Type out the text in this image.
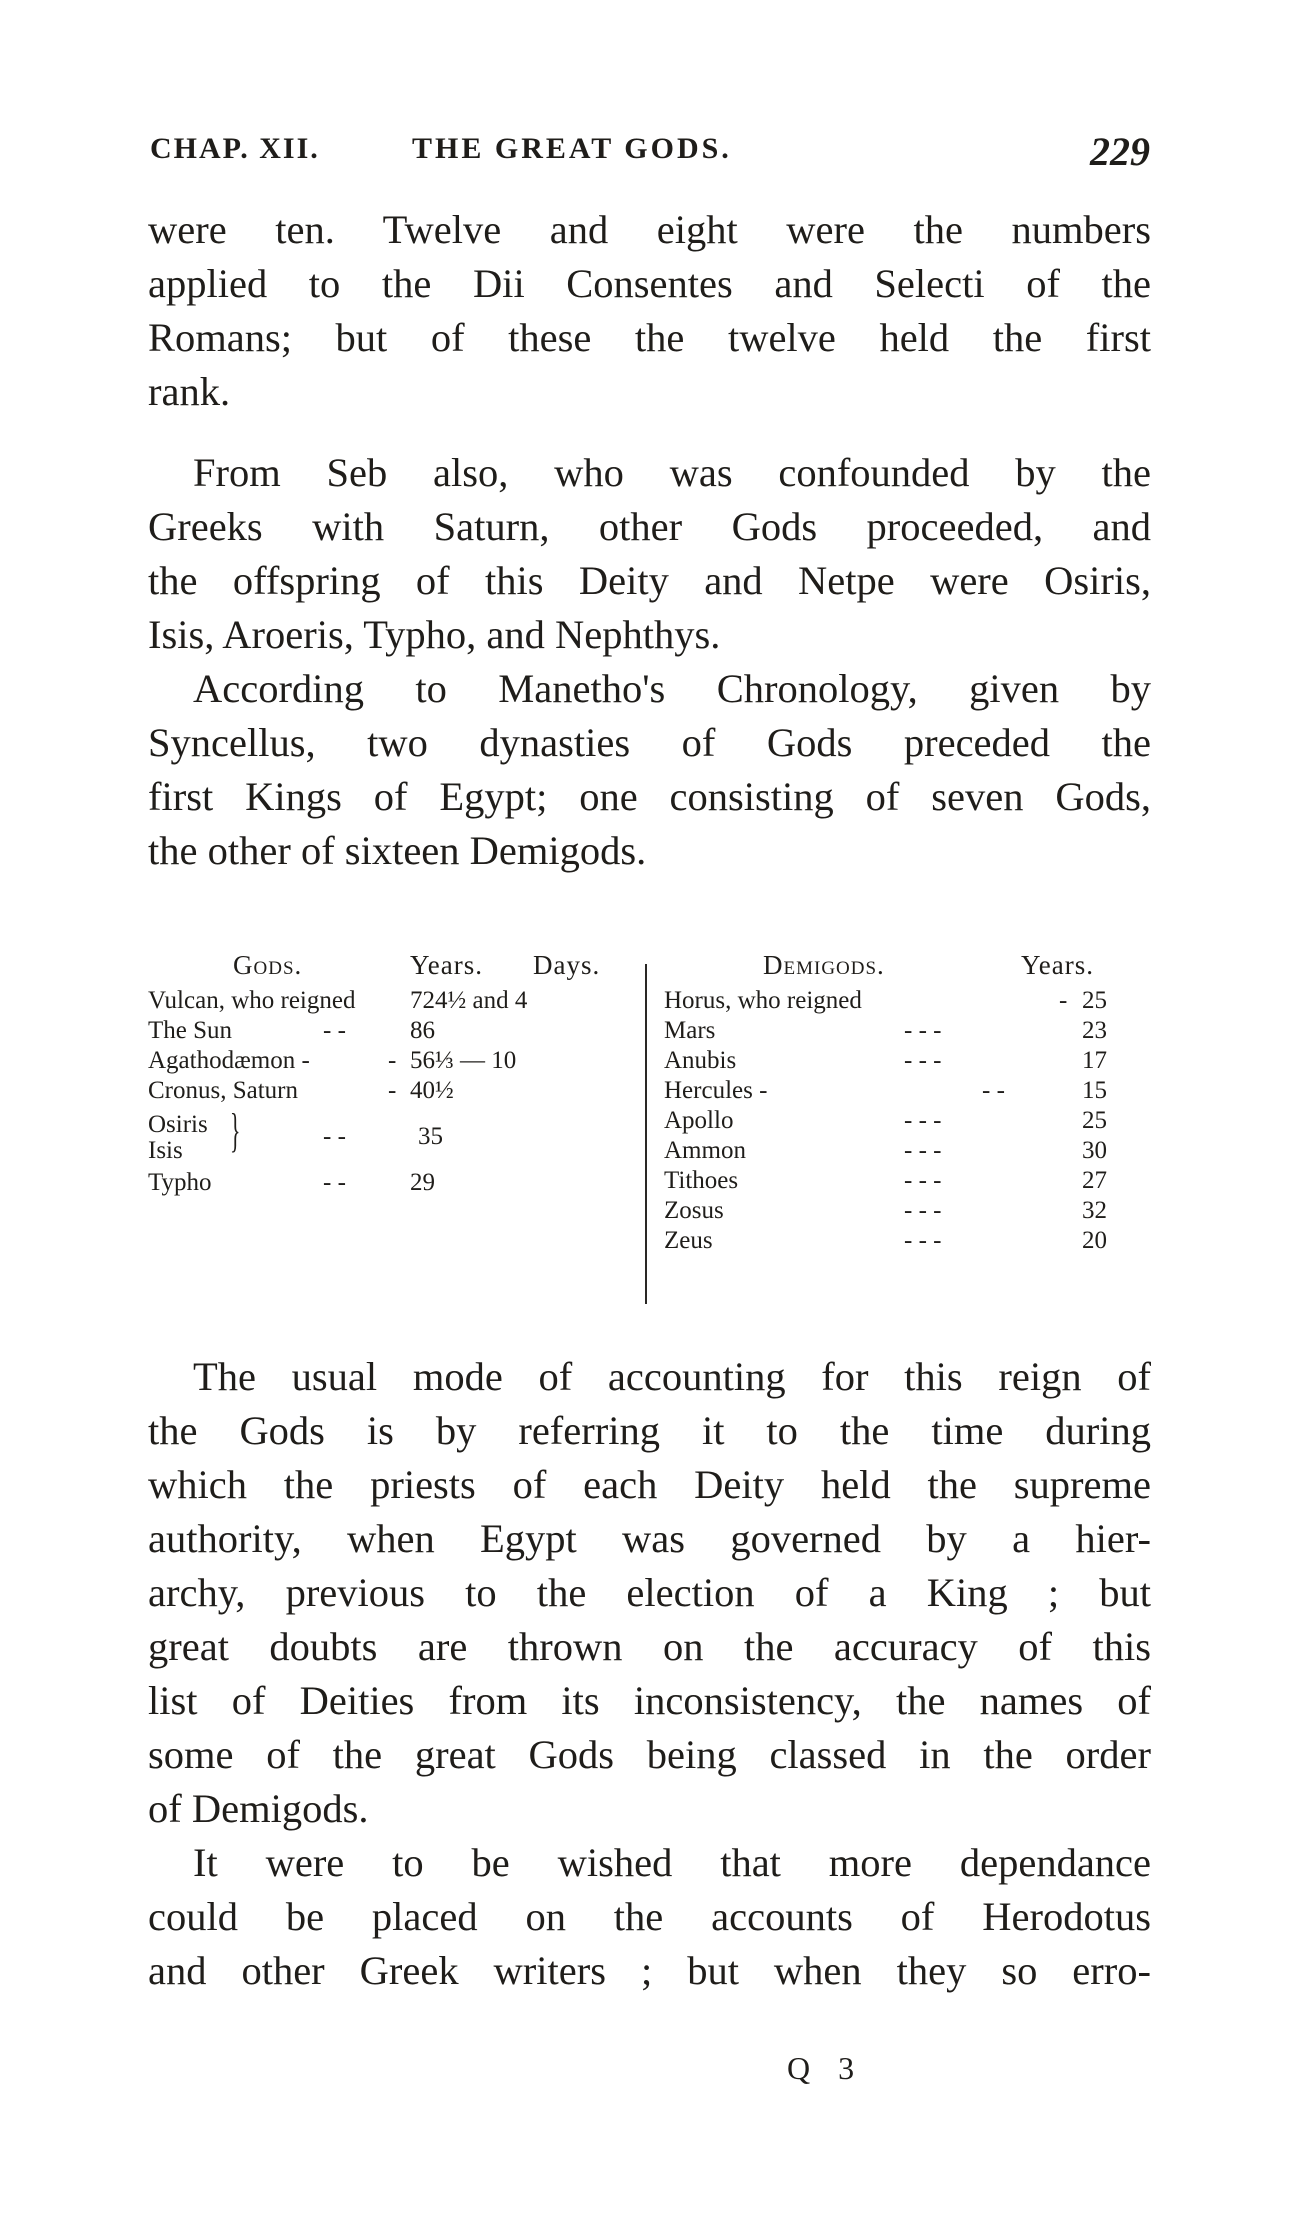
CHAP. XII.	THE GREAT GODS.	229
were ten. Twelve and eight were the numbers
applied to the Dii Consentes and Selecti of the
Romans; but of these the twelve held the first
rank.
From Seb also, who was confounded by the
Greeks with Saturn, other Gods proceeded, and
the offspring of this Deity and Netpe were Osiris,
Isis, Aroeris, Typho, and Nephthys.
According to Manetho's Chronology, given by
Syncellus, two dynasties of Gods preceded the
first Kings of Egypt; one consisting of seven Gods,
the other of sixteen Demigods.
Gods.	Years. Days.
Vulcan, who reigned 724½ and 4
The Sun	- -	86
Agathodæmon -	- 56⅓ — 10
Cronus, Saturn	- 40½
Osiris
Isis }	- -	35
Typho	- -	29
Demigods.	Years.
Horus, who reigned	- 25
Mars	- - -	23
Anubis	- - -	17
Hercules -	- -	15
Apollo	- - -	25
Ammon	- - -	30
Tithoes	- - -	27
Zosus	- - -	32
Zeus	- - -	20
The usual mode of accounting for this reign of
the Gods is by referring it to the time during
which the priests of each Deity held the supreme
authority, when Egypt was governed by a hier-
archy, previous to the election of a King ; but
great doubts are thrown on the accuracy of this
list of Deities from its inconsistency, the names of
some of the great Gods being classed in the order
of Demigods.
It were to be wished that more dependance
could be placed on the accounts of Herodotus
and other Greek writers ; but when they so erro-
Q 3
